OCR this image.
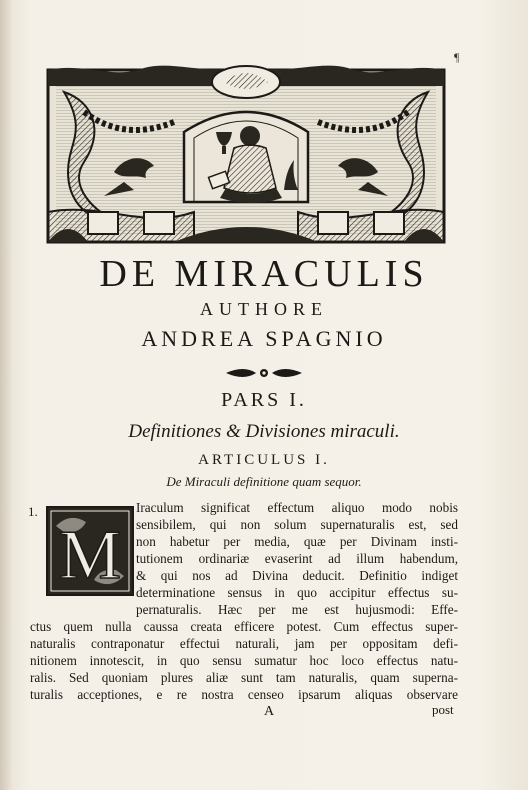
¶
DE MIRACULIS
AUTHORE
ANDREA SPAGNIO
PARS I.
Definitiones & Divisiones miraculi.
ARTICULUS I.
De Miraculi definitione quam sequor.
1.
M
Iraculum significat effectum aliquo modo nobis
sensibilem, qui non solum supernaturalis est, sed
non habetur per media, quæ per Divinam insti-
tutionem ordinariæ evaserint ad illum habendum,
& qui nos ad Divina deducit. Definitio indiget
determinatione sensus in quo accipitur effectus su-
pernaturalis. Hæc per me est hujusmodi: Effe-
ctus quem nulla caussa creata efficere potest. Cum effectus super-
naturalis contraponatur effectui naturali, jam per oppositam defi-
nitionem innotescit, in quo sensu sumatur hoc loco effectus natu-
ralis. Sed quoniam plures aliæ sunt tam naturalis, quam superna-
turalis acceptiones, e re nostra censeo ipsarum aliquas observare
A	post
